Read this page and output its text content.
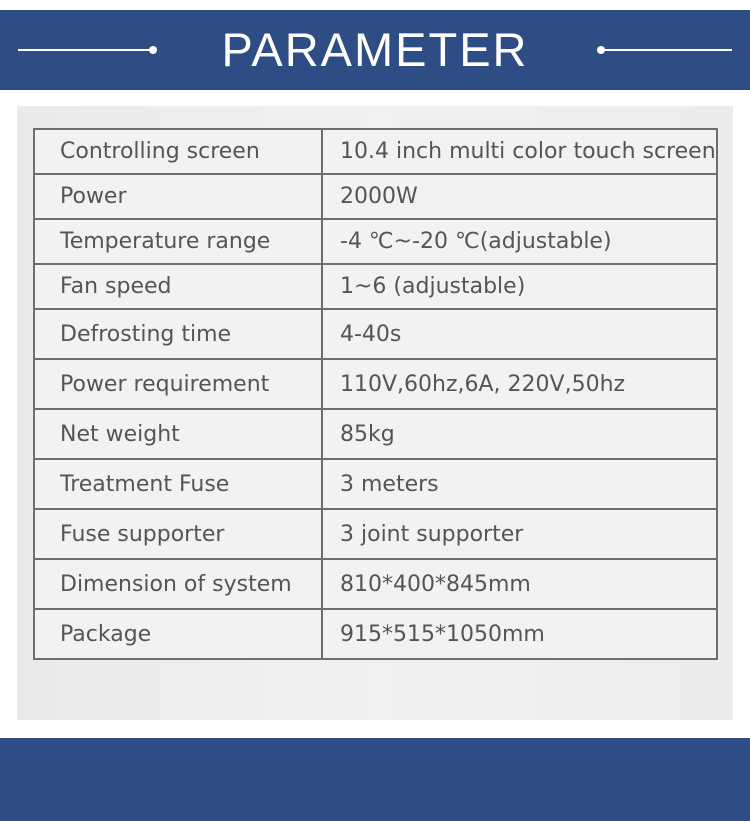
PARAMETER
Controlling screen	10.4 inch multi color touch screen
Power	2000W
Temperature range	-4 ℃~-20 ℃(adjustable)
Fan speed	1~6 (adjustable)
Defrosting time	4-40s
Power requirement	110V,60hz,6A, 220V,50hz
Net weight	85kg
Treatment Fuse	3 meters
Fuse supporter	3 joint supporter
Dimension of system	810*400*845mm
Package	915*515*1050mm
